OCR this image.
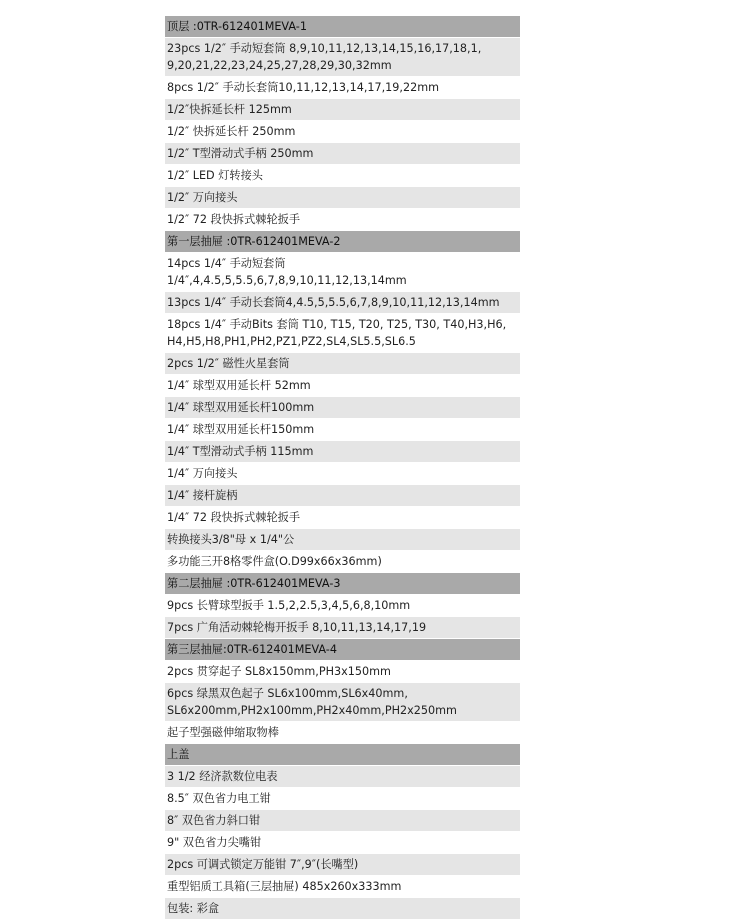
顶层 :0TR-612401MEVA-1
23pcs 1/2″ 手动短套筒 8,9,10,11,12,13,14,15,16,17,18,1,
9,20,21,22,23,24,25,27,28,29,30,32mm
8pcs 1/2″ 手动长套筒10,11,12,13,14,17,19,22mm
1/2″快拆延长杆 125mm
1/2″ 快拆延长杆 250mm
1/2″ T型滑动式手柄 250mm
1/2″ LED 灯转接头
1/2″ 万向接头
1/2″ 72 段快拆式棘轮扳手
第一层抽屉 :0TR-612401MEVA-2
14pcs 1/4″ 手动短套筒
1/4″,4,4.5,5,5.5,6,7,8,9,10,11,12,13,14mm
13pcs 1/4″ 手动长套筒4,4.5,5,5.5,6,7,8,9,10,11,12,13,14mm
18pcs 1/4″ 手动Bits 套筒 T10, T15, T20, T25, T30, T40,H3,H6,
H4,H5,H8,PH1,PH2,PZ1,PZ2,SL4,SL5.5,SL6.5
2pcs 1/2″ 磁性火星套筒
1/4″ 球型双用延长杆 52mm
1/4″ 球型双用延长杆100mm
1/4″ 球型双用延长杆150mm
1/4″ T型滑动式手柄 115mm
1/4″ 万向接头
1/4″ 接杆旋柄
1/4″ 72 段快拆式棘轮扳手
转换接头3/8"母 x 1/4"公
多功能三开8格零件盒(O.D99x66x36mm)
第二层抽屉 :0TR-612401MEVA-3
9pcs 长臂球型扳手 1.5,2,2.5,3,4,5,6,8,10mm
7pcs 广角活动棘轮梅开扳手 8,10,11,13,14,17,19
第三层抽屉:0TR-612401MEVA-4
2pcs 贯穿起子 SL8x150mm,PH3x150mm
6pcs 绿黑双色起子 SL6x100mm,SL6x40mm,
SL6x200mm,PH2x100mm,PH2x40mm,PH2x250mm
起子型强磁伸缩取物棒
上盖
3 1/2 经济款数位电表
8.5″ 双色省力电工钳
8″ 双色省力斜口钳
9" 双色省力尖嘴钳
2pcs 可调式锁定万能钳 7″,9″(长嘴型)
重型铝质工具箱(三层抽屉) 485x260x333mm
包装: 彩盒
